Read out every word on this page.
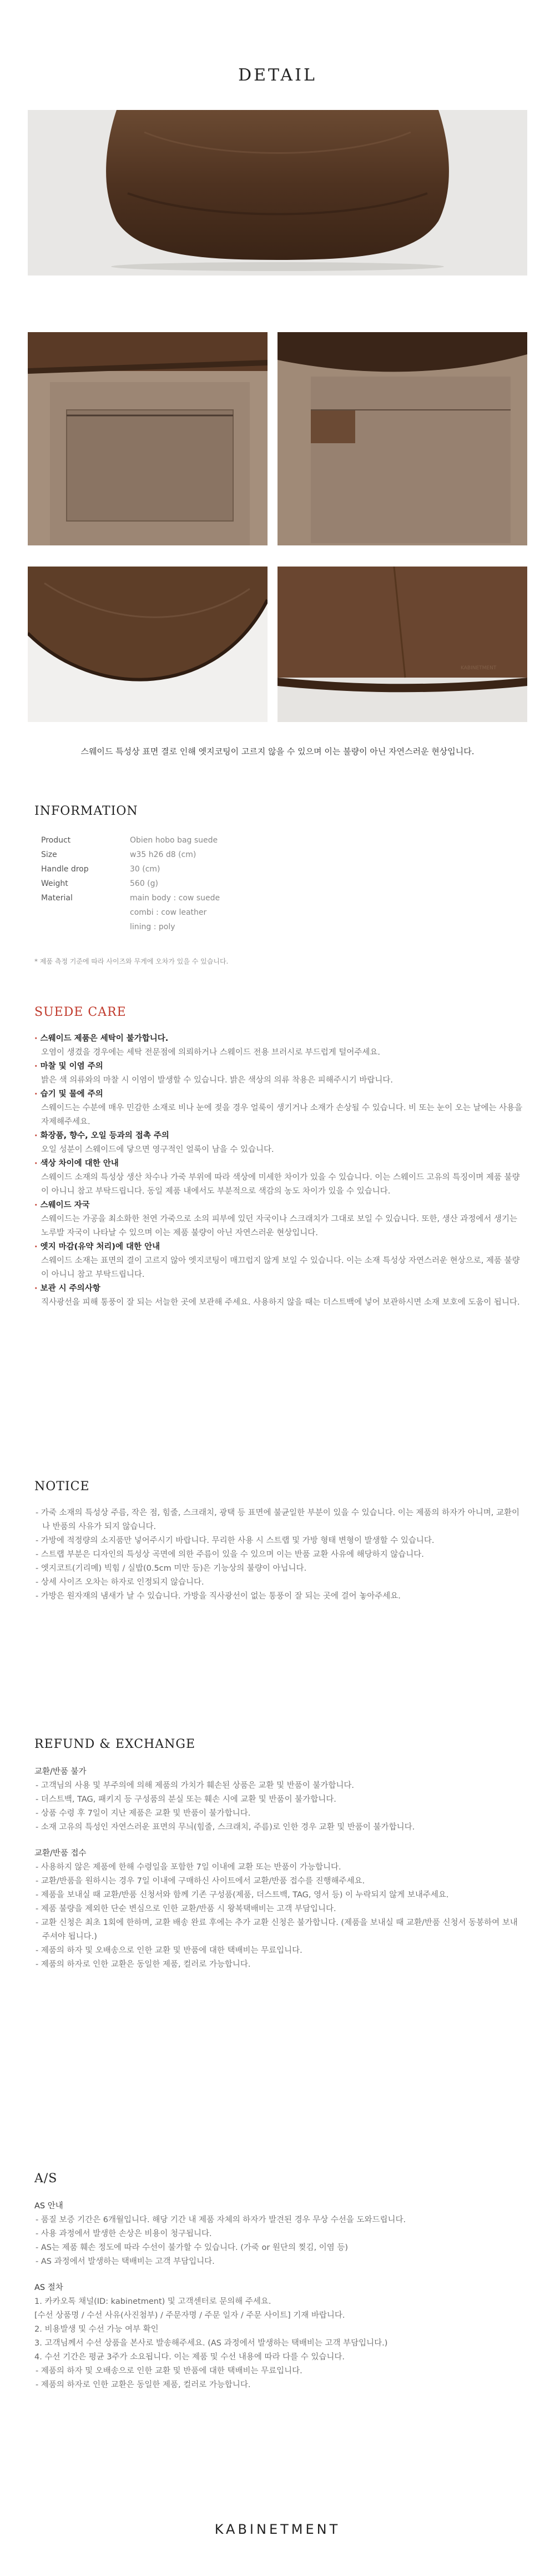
DETAIL
KABINETMENT
스웨이드 특성상 표면 결로 인해 엣지코팅이 고르지 않을 수 있으며 이는 불량이 아닌 자연스러운 현상입니다.
INFORMATION
Product	Obien hobo bag suede
Size	w35 h26 d8 (cm)
Handle drop	30 (cm)
Weight	560 (g)
Material	main body : cow suede
combi : cow leather
lining : poly
* 제품 측정 기준에 따라 사이즈와 무게에 오차가 있을 수 있습니다.
SUEDE CARE
· 스웨이드 제품은 세탁이 불가합니다.
오염이 생겼을 경우에는 세탁 전문점에 의뢰하거나 스웨이드 전용 브러시로 부드럽게 털어주세요.
· 마찰 및 이염 주의
밝은 색 의류와의 마찰 시 이염이 발생할 수 있습니다. 밝은 색상의 의류 착용은 피해주시기 바랍니다.
· 습기 및 물에 주의
스웨이드는 수분에 매우 민감한 소재로 비나 눈에 젖을 경우 얼룩이 생기거나 소재가 손상될 수 있습니다. 비 또는 눈이 오는 날에는 사용을 자제해주세요.
· 화장품, 향수, 오일 등과의 접촉 주의
오일 성분이 스웨이드에 닿으면 영구적인 얼룩이 남을 수 있습니다.
· 색상 차이에 대한 안내
스웨이드 소재의 특성상 생산 차수나 가죽 부위에 따라 색상에 미세한 차이가 있을 수 있습니다. 이는 스웨이드 고유의 특징이며 제품 불량이 아니니 참고 부탁드립니다. 동일 제품 내에서도 부분적으로 색감의 농도 차이가 있을 수 있습니다.
· 스웨이드 자국
스웨이드는 가공을 최소화한 천연 가죽으로 소의 피부에 있던 자국이나 스크래치가 그대로 보일 수 있습니다. 또한, 생산 과정에서 생기는 노루발 자국이 나타날 수 있으며 이는 제품 불량이 아닌 자연스러운 현상입니다.
· 엣지 마감(유약 처리)에 대한 안내
스웨이드 소재는 표면의 결이 고르지 않아 엣지코팅이 매끄럽지 않게 보일 수 있습니다. 이는 소재 특성상 자연스러운 현상으로, 제품 불량이 아니니 참고 부탁드립니다.
· 보관 시 주의사항
직사광선을 피해 통풍이 잘 되는 서늘한 곳에 보관해 주세요. 사용하지 않을 때는 더스트백에 넣어 보관하시면 소재 보호에 도움이 됩니다.
NOTICE
- 가죽 소재의 특성상 주름, 작은 점, 힘줄, 스크래치, 광택 등 표면에 불균일한 부분이 있을 수 있습니다. 이는 제품의 하자가 아니며, 교환이나 반품의 사유가 되지 않습니다.
- 가방에 적정량의 소지품만 넣어주시기 바랍니다. 무리한 사용 시 스트랩 및 가방 형태 변형이 발생할 수 있습니다.
- 스트랩 부분은 디자인의 특성상 곡면에 의한 주름이 있을 수 있으며 이는 반품 교환 사유에 해당하지 않습니다.
- 엣지코트(기리메) 빅힘 / 실밥(0.5cm 미만 등)은 기능상의 불량이 아닙니다.
- 상세 사이즈 오차는 하자로 인정되지 않습니다.
- 가방은 원자재의 냄새가 날 수 있습니다. 가방을 직사광선이 없는 통풍이 잘 되는 곳에 걸어 놓아주세요.
REFUND & EXCHANGE
교환/반품 불가
- 고객님의 사용 및 부주의에 의해 제품의 가치가 훼손된 상품은 교환 및 반품이 불가합니다.
- 더스트백, TAG, 패키지 등 구성품의 분실 또는 훼손 시에 교환 및 반품이 불가합니다.
- 상품 수령 후 7일이 지난 제품은 교환 및 반품이 불가합니다.
- 소재 고유의 특성인 자연스러운 표면의 무늬(힘줄, 스크래치, 주름)로 인한 경우 교환 및 반품이 불가합니다.
교환/반품 접수
- 사용하지 않은 제품에 한해 수령일을 포함한 7일 이내에 교환 또는 반품이 가능합니다.
- 교환/반품을 원하시는 경우 7일 이내에 구매하신 사이트에서 교환/반품 접수를 진행해주세요.
- 제품을 보내실 때 교환/반품 신청서와 함께 기존 구성품(제품, 더스트백, TAG, 영서 등) 이 누락되지 않게 보내주세요.
- 제품 불량을 제외한 단순 변심으로 인한 교환/반품 시 왕복택배비는 고객 부담입니다.
- 교환 신청은 최초 1회에 한하며, 교환 배송 완료 후에는 추가 교환 신청은 불가합니다. (제품을 보내실 때 교환/반품 신청서 동봉하여 보내주셔야 됩니다.)
- 제품의 하자 및 오배송으로 인한 교환 및 반품에 대한 택배비는 무료입니다.
- 제품의 하자로 인한 교환은 동일한 제품, 컬러로 가능합니다.
A/S
AS 안내
- 품질 보증 기간은 6개월입니다. 해당 기간 내 제품 자체의 하자가 발견된 경우 무상 수선을 도와드립니다.
- 사용 과정에서 발생한 손상은 비용이 청구됩니다.
- AS는 제품 훼손 정도에 따라 수선이 불가할 수 있습니다. (가죽 or 원단의 찢김, 이염 등)
- AS 과정에서 발생하는 택배비는 고객 부담입니다.
AS 절차
1. 카카오톡 채널(ID: kabinetment) 및 고객센터로 문의해 주세요.
[수선 상품명 / 수선 사유(사진첨부) / 주문자명 / 주문 일자 / 주문 사이트] 기재 바랍니다.
2. 비용발생 및 수선 가능 여부 확인
3. 고객님께서 수선 상품을 본사로 발송해주세요. (AS 과정에서 발생하는 택배비는 고객 부담입니다.)
4. 수선 기간은 평균 3주가 소요됩니다. 이는 제품 및 수선 내용에 따라 다를 수 있습니다.
- 제품의 하자 및 오배송으로 인한 교환 및 반품에 대한 택배비는 무료입니다.
- 제품의 하자로 인한 교환은 동일한 제품, 컬러로 가능합니다.
KABINETMENT
